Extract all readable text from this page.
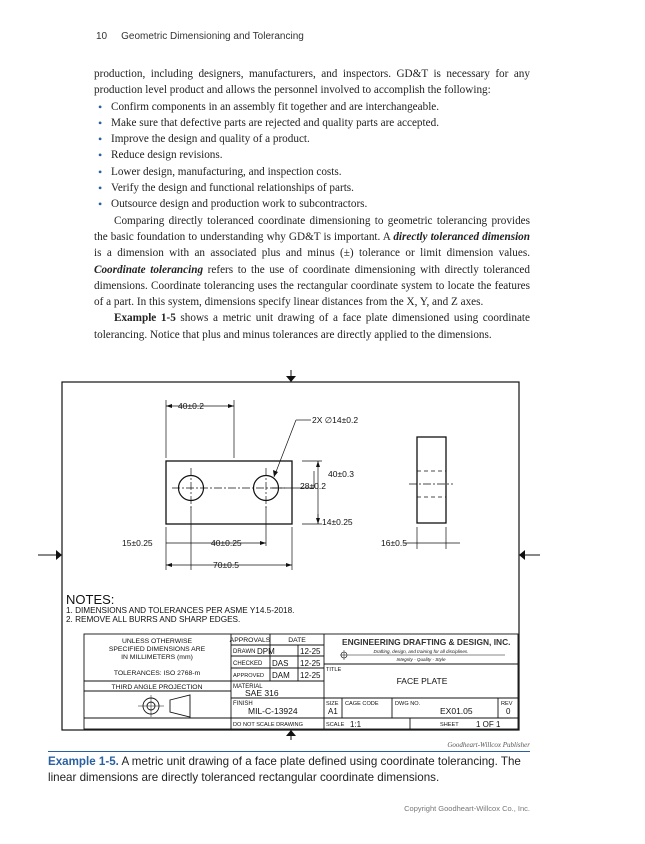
10 Geometric Dimensioning and Tolerancing

production, including designers, manufacturers, and inspectors. GD&T is necessary for any production level product and allows the personnel involved to accomplish the following:

• Confirm components in an assembly fit together and are interchangeable.
• Make sure that defective parts are rejected and quality parts are accepted.
• Improve the design and quality of a product.
• Reduce design revisions.
• Lower design, manufacturing, and inspection costs.
• Verify the design and functional relationships of parts.
• Outsource design and production work to subcontractors.

Comparing directly toleranced coordinate dimensioning to geometric tolerancing provides the basic foundation to understanding why GD&T is important. A directly toleranced dimension is a dimension with an associated plus and minus (±) tolerance or limit dimension values. Coordinate tolerancing refers to the use of coordinate dimensioning with directly toleranced dimensions. Coordinate tolerancing uses the rectangular coordinate system to locate the features of a part. In this system, dimensions specify linear distances from the X, Y, and Z axes.

Example 1-5 shows a metric unit drawing of a face plate dimensioned using coordinate tolerancing. Notice that plus and minus tolerances are directly applied to the dimensions.

40±0.2
2X ∅14±0.2
40±0.3
28±0.2
14±0.25
15±0.25	40±0.25	16±0.5
70±0.5
NOTES:
1. DIMENSIONS AND TOLERANCES PER ASME Y14.5-2018.
2. REMOVE ALL BURRS AND SHARP EDGES.
UNLESS OTHERWISE
SPECIFIED DIMENSIONS ARE
IN MILLIMETERS (mm)
TOLERANCES: ISO 2768-m
THIRD ANGLE PROJECTION
APPROVALS	DATE
DRAWN DPM	12-25
CHECKED DAS 12-25
APPROVED DAM 12-25
MATERIAL
SAE 316
FINISH
MIL-C-13924
DO NOT SCALE DRAWING
ENGINEERING DRAFTING & DESIGN, INC.
Drafting, design, and training for all disciplines.
Integrity - Quality - Style
TITLE
FACE PLATE
SIZE
A1
CAGE CODE	DWG NO.
EX01.05
REV
0
SCALE 1:1	SHEET 1 OF 1
Goodheart-Willcox Publisher
Example 1-5. A metric unit drawing of a face plate defined using coordinate tolerancing. The linear dimensions are directly toleranced rectangular coordinate dimensions.
Copyright Goodheart-Willcox Co., Inc.
